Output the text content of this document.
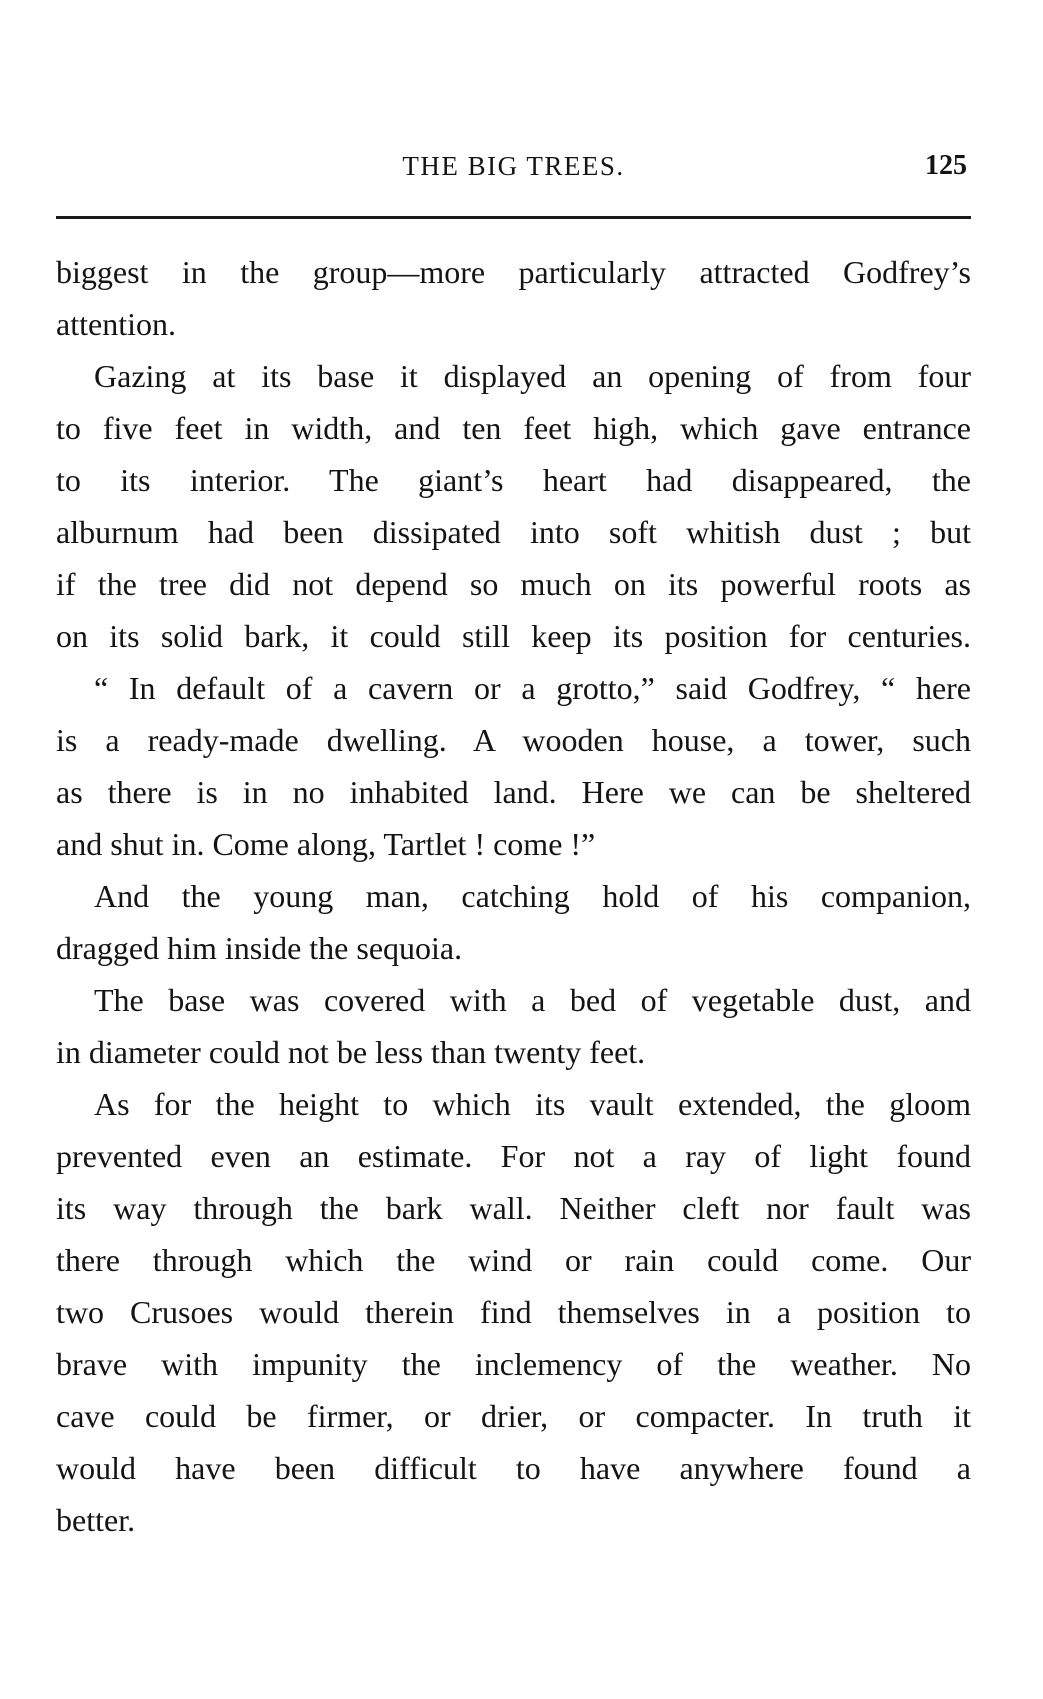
THE BIG TREES.	125
biggest in the group—more particularly attracted Godfrey’s
attention.
Gazing at its base it displayed an opening of from four
to five feet in width, and ten feet high, which gave entrance
to its interior. The giant’s heart had disappeared, the
alburnum had been dissipated into soft whitish dust ; but
if the tree did not depend so much on its powerful roots as
on its solid bark, it could still keep its position for centuries.
“ In default of a cavern or a grotto,” said Godfrey, “ here
is a ready-made dwelling. A wooden house, a tower, such
as there is in no inhabited land. Here we can be sheltered
and shut in. Come along, Tartlet ! come !”
And the young man, catching hold of his companion,
dragged him inside the sequoia.
The base was covered with a bed of vegetable dust, and
in diameter could not be less than twenty feet.
As for the height to which its vault extended, the gloom
prevented even an estimate. For not a ray of light found
its way through the bark wall. Neither cleft nor fault was
there through which the wind or rain could come. Our
two Crusoes would therein find themselves in a position to
brave with impunity the inclemency of the weather. No
cave could be firmer, or drier, or compacter. In truth it
would have been difficult to have anywhere found a
better.
